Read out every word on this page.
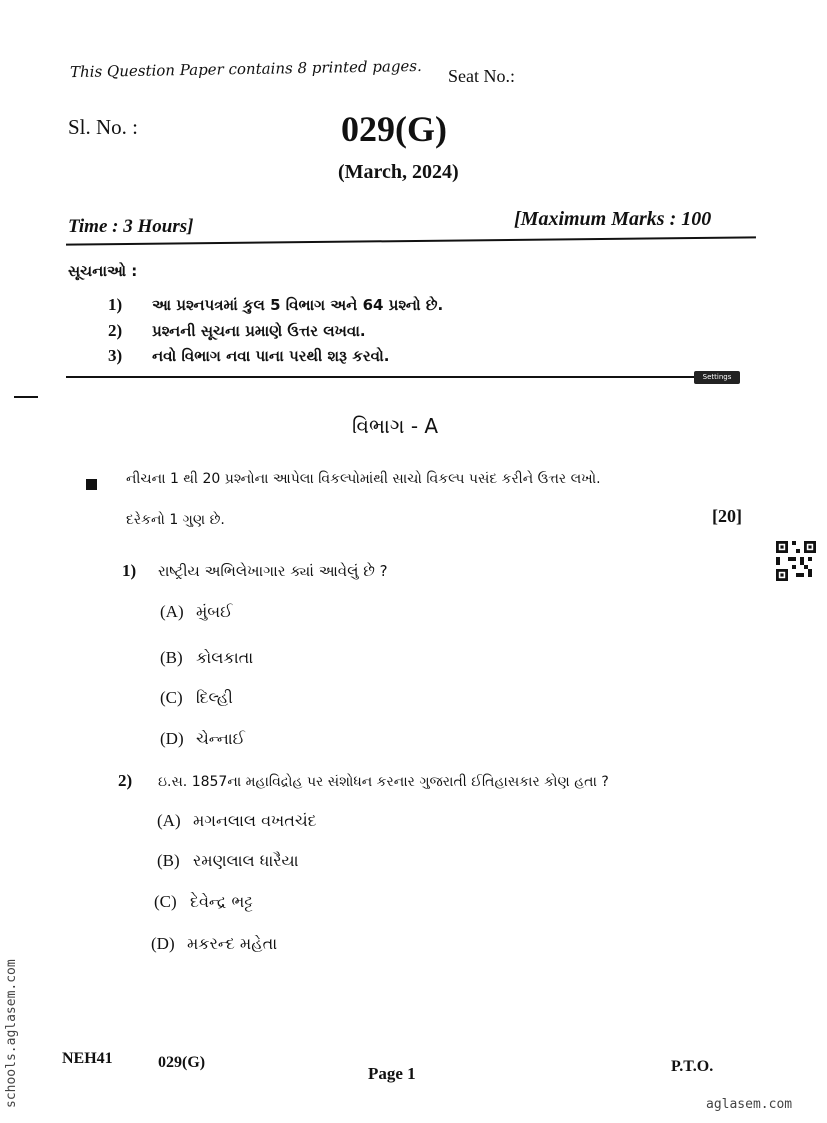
This Question Paper contains 8 printed pages. Seat No.:
Sl. No. :	029(G)
(March, 2024)
Time : 3 Hours]	[Maximum Marks : 100
સૂચનાઓ :
1) આ પ્રશ્નપત્રમાં કુલ 5 વિભાગ અને 64 પ્રશ્નો છે.
2) પ્રશ્નની સૂચના પ્રમાણે ઉત્તર લખવા.
3) નવો વિભાગ નવા પાના પરથી શરૂ કરવો.
Settings
વિભાગ - A
નીચના 1 થી 20 પ્રશ્નોના આપેલા વિકલ્પોમાંથી સાચો વિકલ્પ પસંદ કરીને ઉત્તર લખો.
દરેકનો 1 ગુણ છે.	[20]
1) રાષ્ટ્રીય અભિલેખાગાર ક્યાં આવેલું છે ?
(A) મુંબઈ
(B) કોલકાતા
(C) દિલ્હી
(D) ચેન્નાઈ
2) ઇ.સ. 1857ના મહાવિદ્રોહ પર સંશોધન કરનાર ગુજરાતી ઈતિહાસકાર કોણ હતા ?
(A) મગનલાલ વખતચંદ
(B) રમણલાલ ધારૈયા
(C) દેવેન્દ્ર ભટ્ટ
(D) મકરન્દ મહેતા
NEH41	029(G)
Page 1	P.T.O.
schools.aglasem.com	aglasem.com
